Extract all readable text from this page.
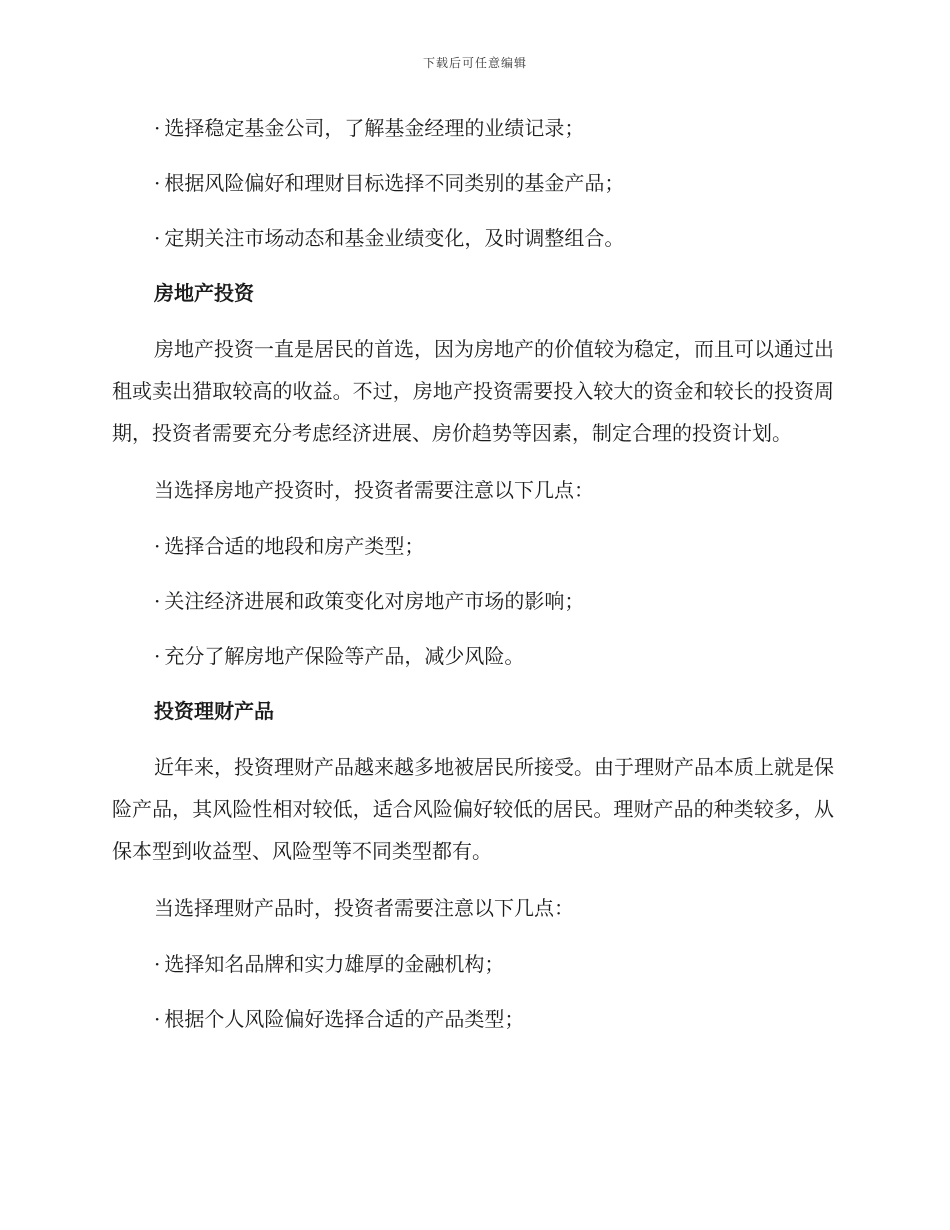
下载后可任意编辑
· 选择稳定基金公司，了解基金经理的业绩记录；
· 根据风险偏好和理财目标选择不同类别的基金产品；
· 定期关注市场动态和基金业绩变化，及时调整组合。
房地产投资
房地产投资一直是居民的首选，因为房地产的价值较为稳定，而且可以通过出租或卖出猎取较高的收益。不过，房地产投资需要投入较大的资金和较长的投资周期，投资者需要充分考虑经济进展、房价趋势等因素，制定合理的投资计划。
当选择房地产投资时，投资者需要注意以下几点：
· 选择合适的地段和房产类型；
· 关注经济进展和政策变化对房地产市场的影响；
· 充分了解房地产保险等产品，减少风险。
投资理财产品
近年来，投资理财产品越来越多地被居民所接受。由于理财产品本质上就是保险产品，其风险性相对较低，适合风险偏好较低的居民。理财产品的种类较多，从保本型到收益型、风险型等不同类型都有。
当选择理财产品时，投资者需要注意以下几点：
· 选择知名品牌和实力雄厚的金融机构；
· 根据个人风险偏好选择合适的产品类型；
